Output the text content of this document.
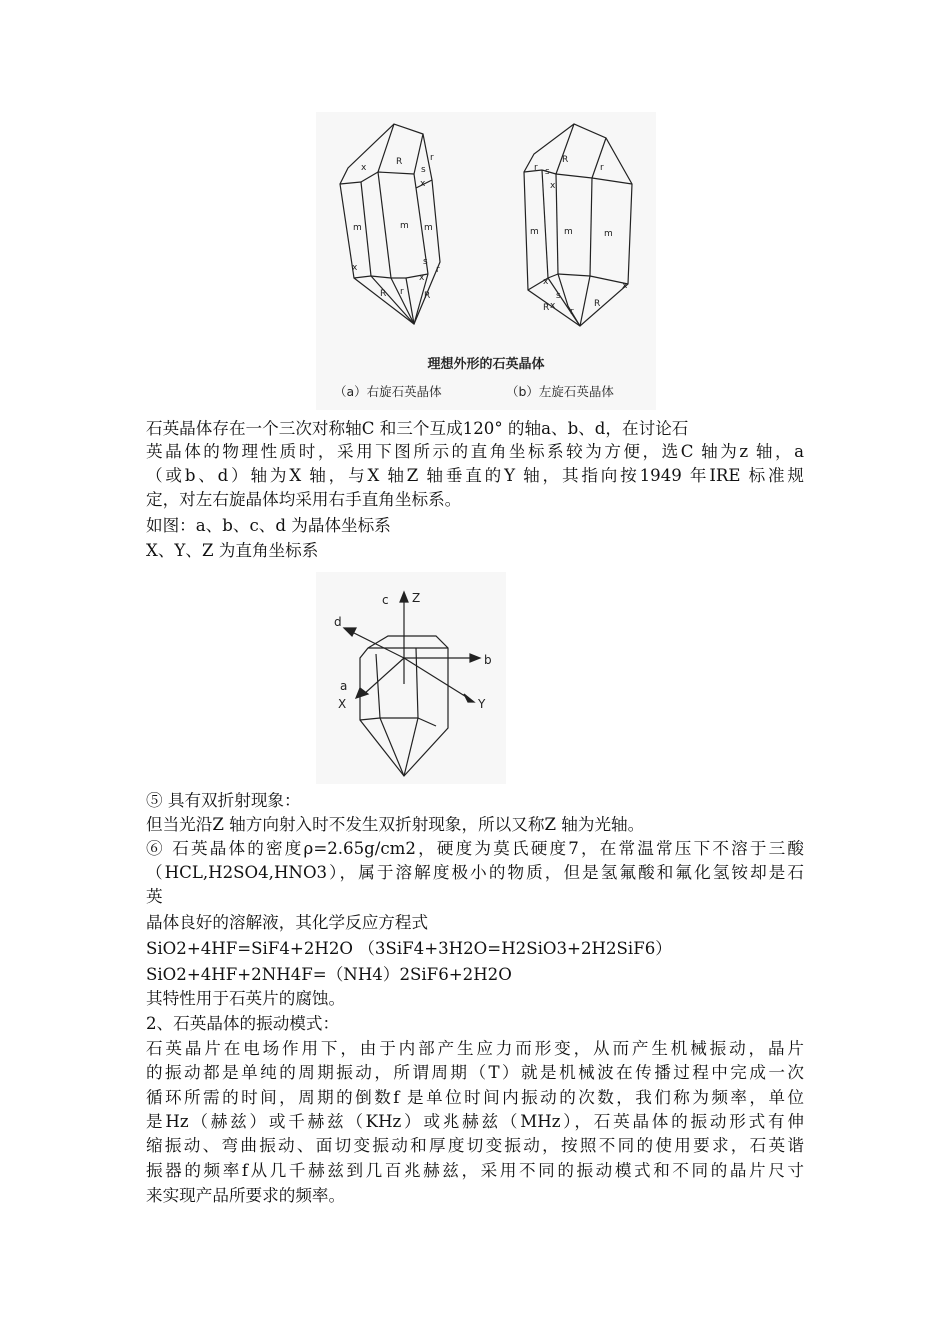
R	r
s
x
x
m	m m
x
s
r
x
R r R
R
r
r s
x
m	m	m
x
s
x
R r
R
x
理想外形的石英晶体
（a）右旋石英晶体	（b）左旋石英晶体
石英晶体存在一个三次对称轴C 和三个互成120° 的轴a、b、d，在讨论石
英晶体的物理性质时，采用下图所示的直角坐标系较为方便，选C 轴为z 轴，a
（或b、d）轴为X 轴，与X 轴Z 轴垂直的Y 轴，其指向按1949 年IRE 标准规
定，对左右旋晶体均采用右手直角坐标系。
如图：a、b、c、d 为晶体坐标系
X、Y、Z 为直角坐标系
c Z
d
b
a
X	Y
⑤ 具有双折射现象：
但当光沿Z 轴方向射入时不发生双折射现象，所以又称Z 轴为光轴。
⑥ 石英晶体的密度ρ=2.65g/cm2，硬度为莫氏硬度7，在常温常压下不溶于三酸
（HCL,H2SO4,HNO3），属于溶解度极小的物质，但是氢氟酸和氟化氢铵却是石
英
晶体良好的溶解液，其化学反应方程式
SiO2+4HF=SiF4+2H2O （3SiF4+3H2O=H2SiO3+2H2SiF6）
SiO2+4HF+2NH4F=（NH4）2SiF6+2H2O
其特性用于石英片的腐蚀。
2、石英晶体的振动模式：
石英晶片在电场作用下，由于内部产生应力而形变，从而产生机械振动，晶片
的振动都是单纯的周期振动，所谓周期（T）就是机械波在传播过程中完成一次
循环所需的时间，周期的倒数f 是单位时间内振动的次数，我们称为频率，单位
是Hz（赫兹）或千赫兹（KHz）或兆赫兹（MHz），石英晶体的振动形式有伸
缩振动、弯曲振动、面切变振动和厚度切变振动，按照不同的使用要求，石英谐
振器的频率f从几千赫兹到几百兆赫兹，采用不同的振动模式和不同的晶片尺寸
来实现产品所要求的频率。
